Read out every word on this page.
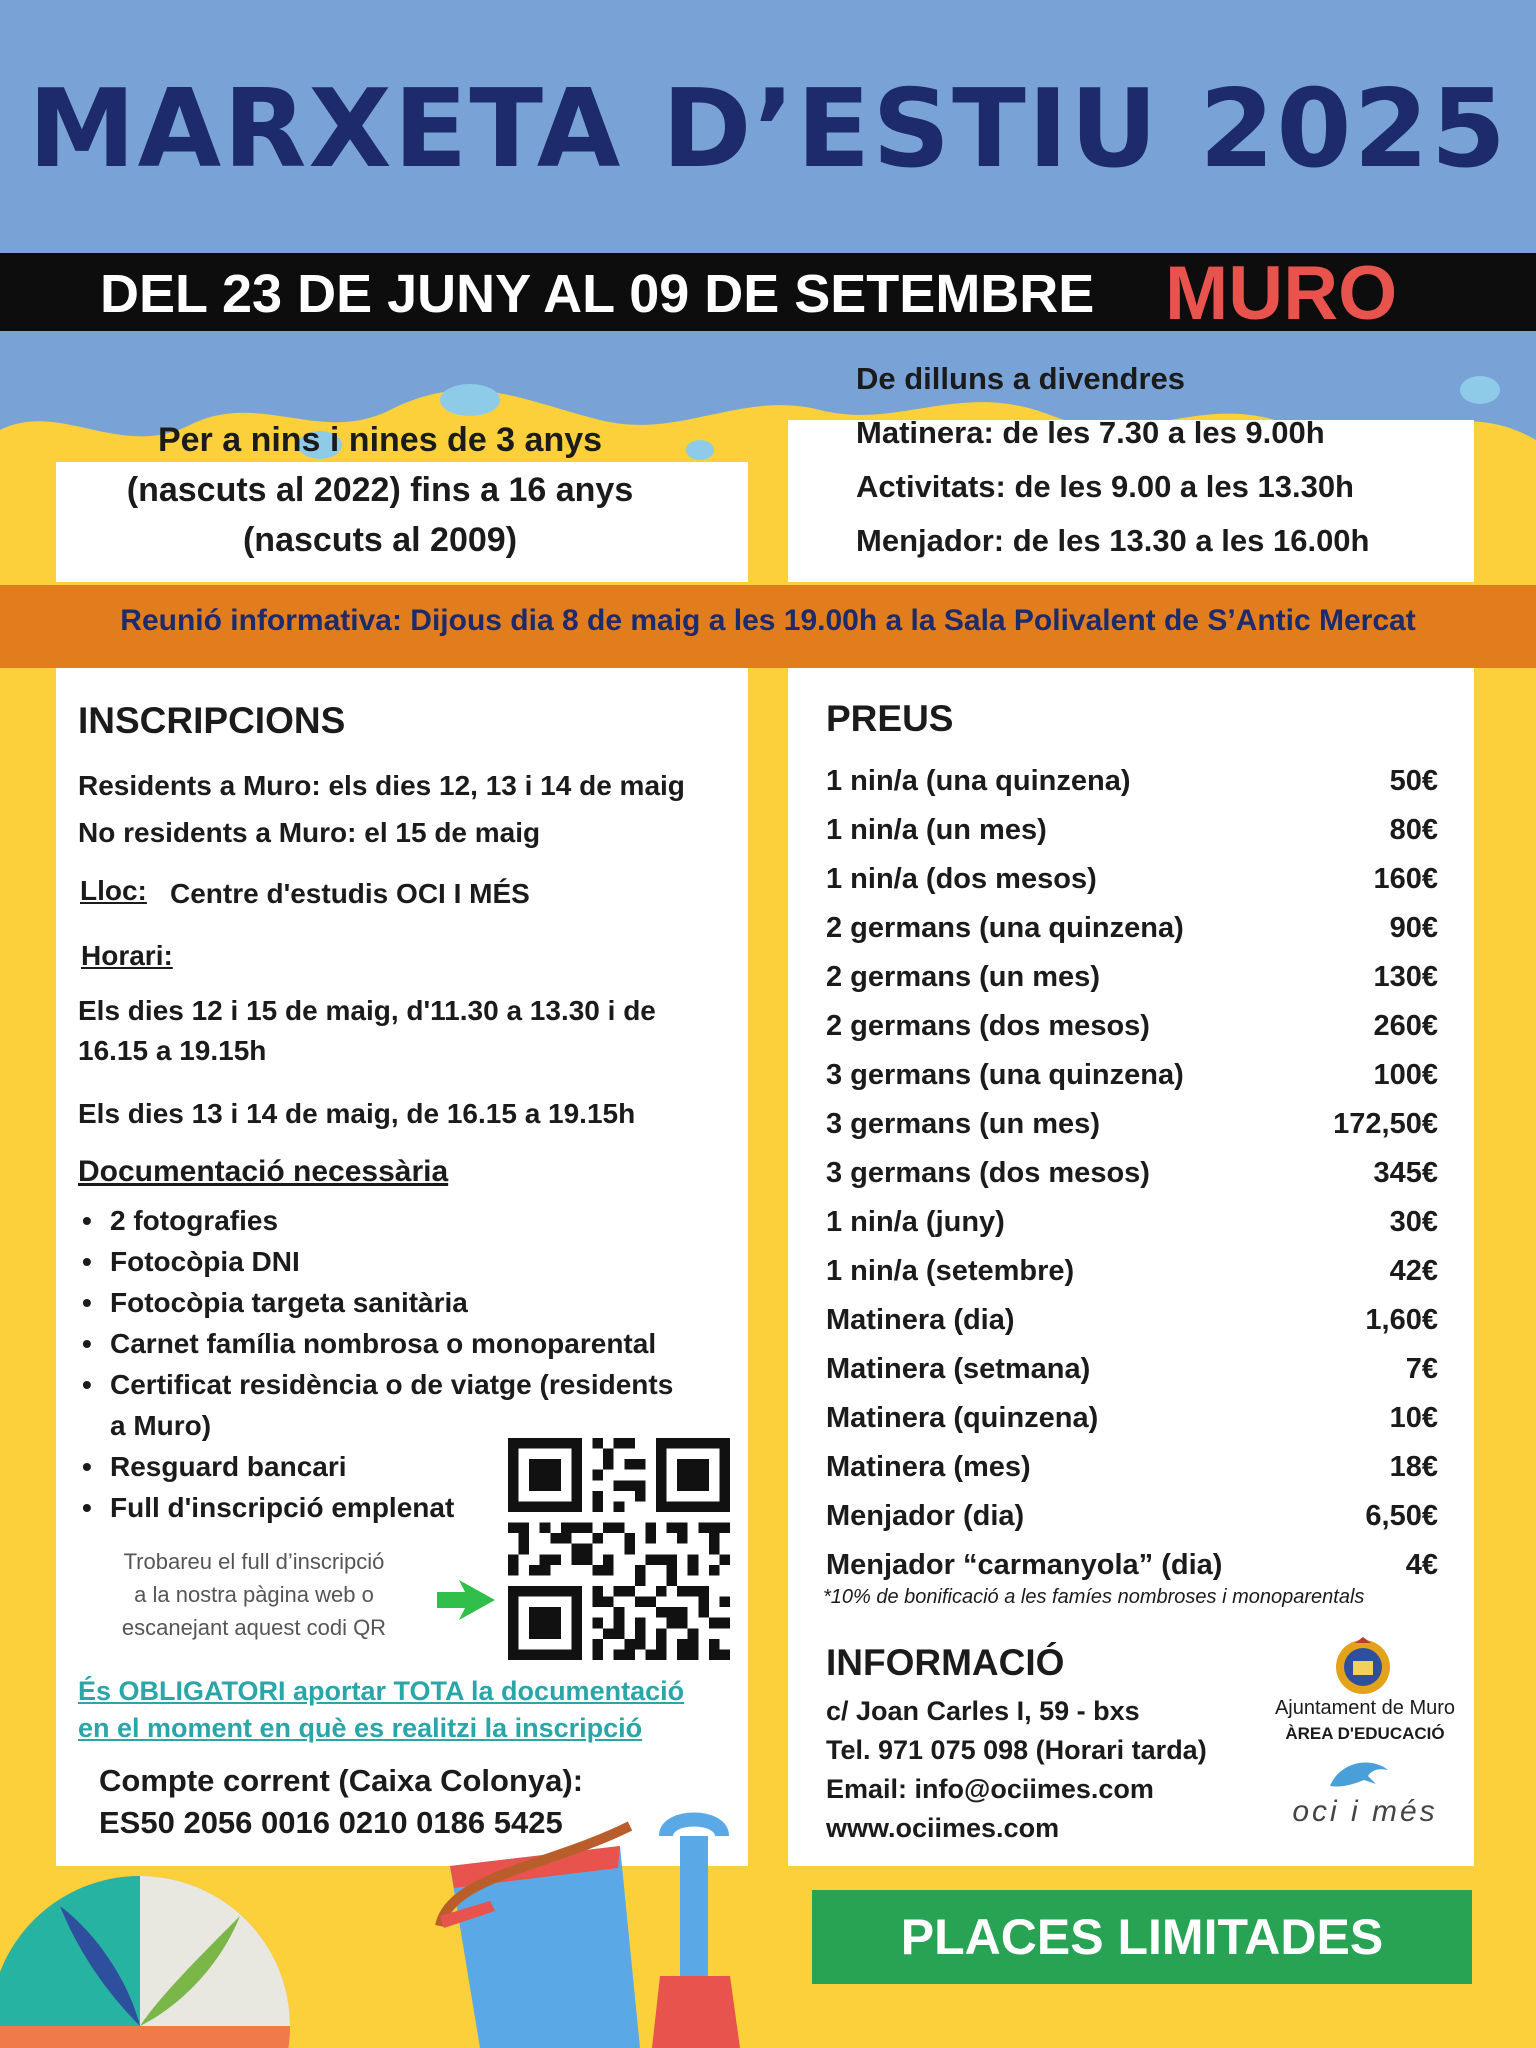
MARXETA D’ESTIU 2025
DEL 23 DE JUNY AL 09 DE SETEMBRE MURO
Per a nins i nines de 3 anys (nascuts al 2022) fins a 16 anys (nascuts al 2009)
De dilluns a divendres
Matinera: de les 7.30 a les 9.00h
Activitats: de les 9.00 a les 13.30h
Menjador: de les 13.30 a les 16.00h
Reunió informativa: Dijous dia 8 de maig a les 19.00h a la Sala Polivalent de S’Antic Mercat
INSCRIPCIONS
Residents a Muro: els dies 12, 13 i 14 de maig
No residents a Muro: el 15 de maig
Lloc: Centre d'estudis OCI I MÉS
Horari:
Els dies 12 i 15 de maig, d'11.30 a 13.30 i de
16.15 a 19.15h
Els dies 13 i 14 de maig, de 16.15 a 19.15h
Documentació necessària
• 2 fotografies
• Fotocòpia DNI
• Fotocòpia targeta sanitària
• Carnet família nombrosa o monoparental
• Certificat residència o de viatge (residents
a Muro)
• Resguard bancari
• Full d'inscripció emplenat
Trobareu el full d’inscripció
a la nostra pàgina web o
escanejant aquest codi QR
És OBLIGATORI aportar TOTA la documentació
en el moment en què es realitzi la inscripció
Compte corrent (Caixa Colonya):
ES50 2056 0016 0210 0186 5425
PREUS
1 nin/a (una quinzena)	50€
1 nin/a (un mes)	80€
1 nin/a (dos mesos)	160€
2 germans (una quinzena)	90€
2 germans (un mes)	130€
2 germans (dos mesos)	260€
3 germans (una quinzena)	100€
3 germans (un mes)	172,50€
3 germans (dos mesos)	345€
1 nin/a (juny)	30€
1 nin/a (setembre)	42€
Matinera (dia)	1,60€
Matinera (setmana)	7€
Matinera (quinzena)	10€
Matinera (mes)	18€
Menjador (dia)	6,50€
Menjador “carmanyola” (dia)	4€
*10% de bonificació a les famíes nombroses i monoparentals
INFORMACIÓ
c/ Joan Carles I, 59 - bxs
Tel. 971 075 098 (Horari tarda)
Email: info@ociimes.com
www.ociimes.com
Ajuntament de Muro
ÀREA D'EDUCACIÓ
oci i més
PLACES LIMITADES
